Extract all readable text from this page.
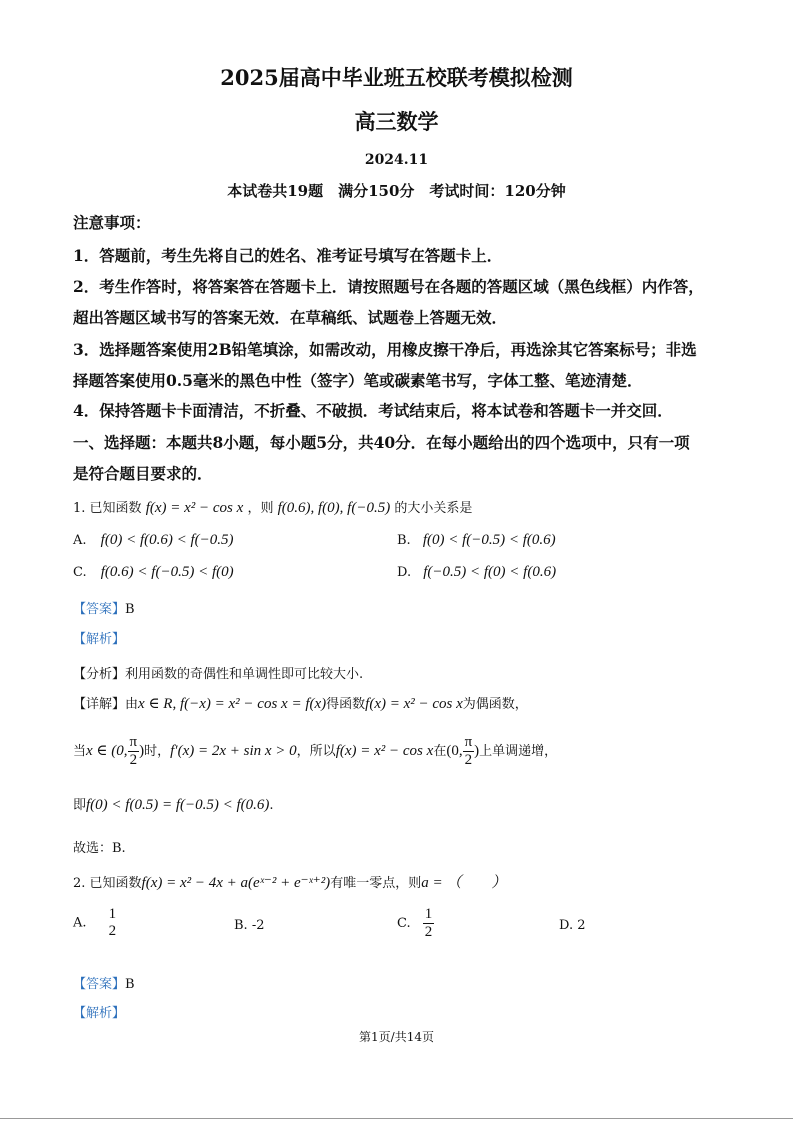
2025届高中毕业班五校联考模拟检测
高三数学
2024.11
本试卷共19题　满分150分　考试时间：120分钟
注意事项：
1．答题前，考生先将自己的姓名、准考证号填写在答题卡上．
2．考生作答时，将答案答在答题卡上．请按照题号在各题的答题区域（黑色线框）内作答，
超出答题区域书写的答案无效．在草稿纸、试题卷上答题无效．
3．选择题答案使用2B铅笔填涂，如需改动，用橡皮擦干净后，再选涂其它答案标号；非选
择题答案使用0.5毫米的黑色中性（签字）笔或碳素笔书写，字体工整、笔迹清楚．
4．保持答题卡卡面清洁，不折叠、不破损．考试结束后，将本试卷和答题卡一并交回．
一、选择题：本题共8小题，每小题5分，共40分．在每小题给出的四个选项中，只有一项
是符合题目要求的．
1. 已知函数 f(x) = x² − cos x ，则 f(0.6), f(0), f(−0.5) 的大小关系是
A. f(0) < f(0.6) < f(−0.5)	B. f(0) < f(−0.5) < f(0.6)
C. f(0.6) < f(−0.5) < f(0)	D. f(−0.5) < f(0) < f(0.6)
【答案】B
【解析】
【分析】利用函数的奇偶性和单调性即可比较大小.
【详解】由x ∈ R, f(−x) = x² − cos x = f(x)得函数f(x) = x² − cos x为偶函数，
当x ∈ (0, $\frac{\pi}{2}$ )时，f′(x) = 2x + sin x > 0，所以f(x) = x² − cos x在(0, $\frac{\pi}{2}$ )上单调递增，
即f(0) < f(0.5) = f(−0.5) < f(0.6).
故选：B.
2. 已知函数f(x) = x² − 4x + a(eˣ⁻² + e⁻ˣ⁺²)有唯一零点，则a = （　　）
A.
1
2	B. -2	C. $\frac{1}{2}$	D. 2
【答案】B
【解析】
第1页/共14页
